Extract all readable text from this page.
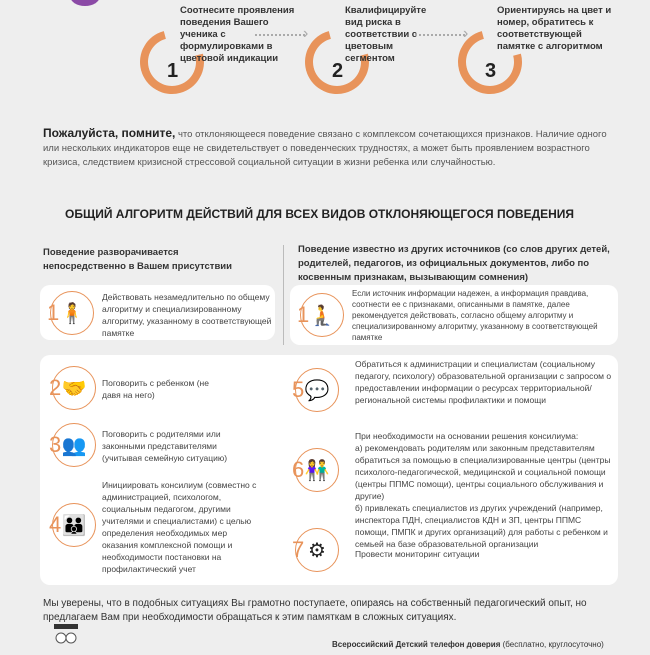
1
Соотнесите проявления поведения Вашего ученика с формулировками в цветовой индикации
›
2
Квалифицируйте вид риска в соответствии с цветовым сегментом
›
3
Ориентируясь на цвет и номер, обратитесь к соответствующей памятке с алгоритмом
Пожалуйста, помните, что отклоняющееся поведение связано с комплексом сочетающихся признаков. Наличие одного или нескольких индикаторов еще не свидетельствует о поведенческих трудностях, а может быть проявлением возрастного кризиса, следствием кризисной стрессовой социальной ситуации в жизни ребенка или случайностью.
ОБЩИЙ АЛГОРИТМ ДЕЙСТВИЙ ДЛЯ ВСЕХ ВИДОВ ОТКЛОНЯЮЩЕГОСЯ ПОВЕДЕНИЯ
Поведение разворачивается непосредственно в Вашем присутствии
Поведение известно из других источников (со слов других детей, родителей, педагогов, из официальных документов, либо по косвенным признакам, вызывающим сомнения)
🧍
1
Действовать незамедлительно по общему алгоритму и специализированному алгоритму, указанному в соответствующей памятке
🧎
1
Если источник информации надежен, а информация правдива, соотнести ее с признаками, описанными в памятке, далее рекомендуется действовать, согласно общему алгоритму и специализированному алгоритму, указанному в соответствующей памятке
🤝
2	Поговорить с ребенком (не давя на него)
👥
3	Поговорить с родителями или законными представителями (учитывая семейную ситуацию)
👪
4
Инициировать консилиум (совместно с администрацией, психологом, социальным педагогом, другими учителями и специалистами) с целью определения необходимых мер оказания комплексной помощи и необходимости постановки на профилактический учет
💬
5
Обратиться к администрации и специалистам (социальному педагогу, психологу) образовательной организации с запросом о предоставлении информации о ресурсах территориальной/региональной системы профилактики и помощи
👫
6
При необходимости на основании решения консилиума:
а) рекомендовать родителям или законным представителям обратиться за помощью в специализированные центры (центры психолого-педагогической, медицинской и социальной помощи (центры ППМС помощи), центры социального обслуживания и другие)
б) привлекать специалистов из других учреждений (например, инспектора ПДН, специалистов КДН и ЗП, центры ППМС помощи, ПМПК и других организаций) для работы с ребенком и семьей на базе образовательной организации
⚙
7	Провести мониторинг ситуации
Мы уверены, что в подобных ситуациях Вы грамотно поступаете, опираясь на собственный педагогический опыт, но предлагаем Вам при необходимости обращаться к этим памяткам в сложных ситуациях.
Всероссийский Детский телефон доверия (бесплатно, круглосуточно)
